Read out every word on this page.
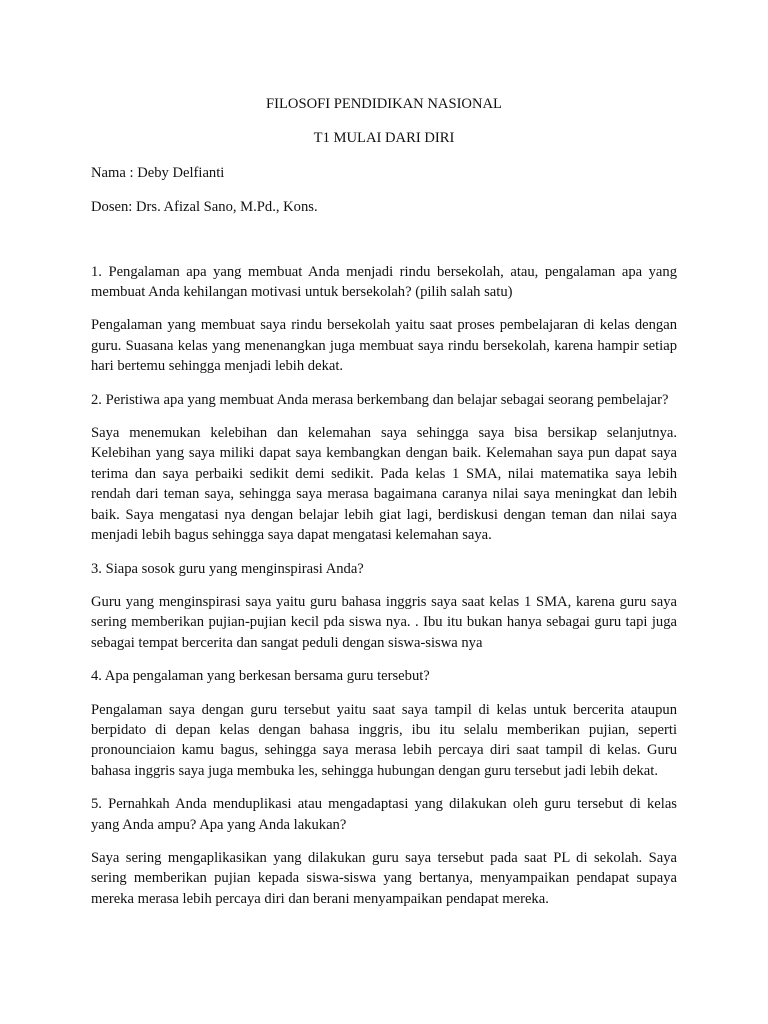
FILOSOFI PENDIDIKAN NASIONAL

T1 MULAI DARI DIRI

Nama : Deby Delfianti

Dosen: Drs. Afizal Sano, M.Pd., Kons.

1. Pengalaman apa yang membuat Anda menjadi rindu bersekolah, atau, pengalaman apa yang membuat Anda kehilangan motivasi untuk bersekolah? (pilih salah satu)

Pengalaman yang membuat saya rindu bersekolah yaitu saat proses pembelajaran di kelas dengan guru. Suasana kelas yang menenangkan juga membuat saya rindu bersekolah, karena hampir setiap hari bertemu sehingga menjadi lebih dekat.

2. Peristiwa apa yang membuat Anda merasa berkembang dan belajar sebagai seorang pembelajar?

Saya menemukan kelebihan dan kelemahan saya sehingga saya bisa bersikap selanjutnya. Kelebihan yang saya miliki dapat saya kembangkan dengan baik. Kelemahan saya pun dapat saya terima dan saya perbaiki sedikit demi sedikit. Pada kelas 1 SMA, nilai matematika saya lebih rendah dari teman saya, sehingga saya merasa bagaimana caranya nilai saya meningkat dan lebih baik. Saya mengatasi nya dengan belajar lebih giat lagi, berdiskusi dengan teman dan nilai saya menjadi lebih bagus sehingga saya dapat mengatasi kelemahan saya.

3. Siapa sosok guru yang menginspirasi Anda?

Guru yang menginspirasi saya yaitu guru bahasa inggris saya saat kelas 1 SMA, karena guru saya sering memberikan pujian-pujian kecil pda siswa nya. . Ibu itu bukan hanya sebagai guru tapi juga sebagai tempat bercerita dan sangat peduli dengan siswa-siswa nya

4. Apa pengalaman yang berkesan bersama guru tersebut?

Pengalaman saya dengan guru tersebut yaitu saat saya tampil di kelas untuk bercerita ataupun berpidato di depan kelas dengan bahasa inggris, ibu itu selalu memberikan pujian, seperti pronounciaion kamu bagus, sehingga saya merasa lebih percaya diri saat tampil di kelas. Guru bahasa inggris saya juga membuka les, sehingga hubungan dengan guru tersebut jadi lebih dekat.

5. Pernahkah Anda menduplikasi atau mengadaptasi yang dilakukan oleh guru tersebut di kelas yang Anda ampu? Apa yang Anda lakukan?

Saya sering mengaplikasikan yang dilakukan guru saya tersebut pada saat PL di sekolah. Saya sering memberikan pujian kepada siswa-siswa yang bertanya, menyampaikan pendapat supaya mereka merasa lebih percaya diri dan berani menyampaikan pendapat mereka.
